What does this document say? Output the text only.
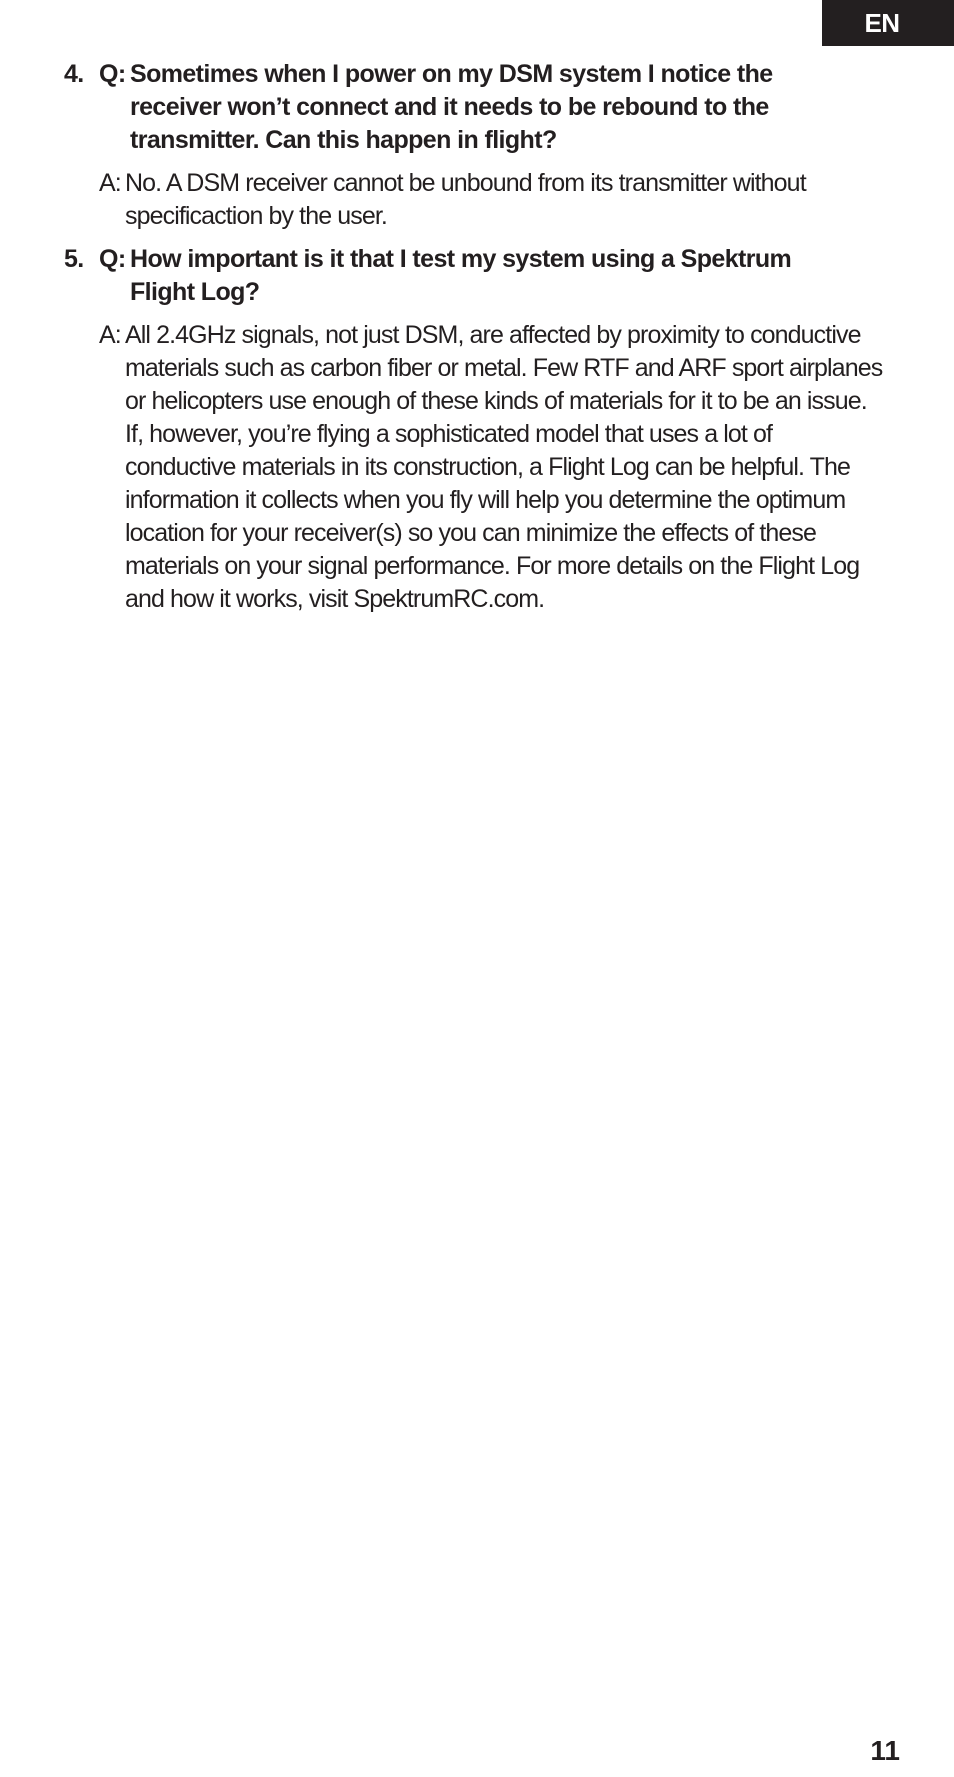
EN
4. Q: Sometimes when I power on my DSM system I notice the receiver won’t connect and it needs to be rebound to the transmitter. Can this happen in flight?
A: No. A DSM receiver cannot be unbound from its transmitter without specificaction by the user.
5. Q: How important is it that I test my system using a Spektrum Flight Log?
A: All 2.4GHz signals, not just DSM, are affected by proximity to conductive materials such as carbon fiber or metal. Few RTF and ARF sport airplanes or helicopters use enough of these kinds of materials for it to be an issue. If, however, you’re flying a sophisticated model that uses a lot of conductive materials in its construction, a Flight Log can be helpful. The information it collects when you fly will help you determine the optimum location for your receiver(s) so you can minimize the effects of these materials on your signal performance. For more details on the Flight Log and how it works, visit SpektrumRC.com.
11
